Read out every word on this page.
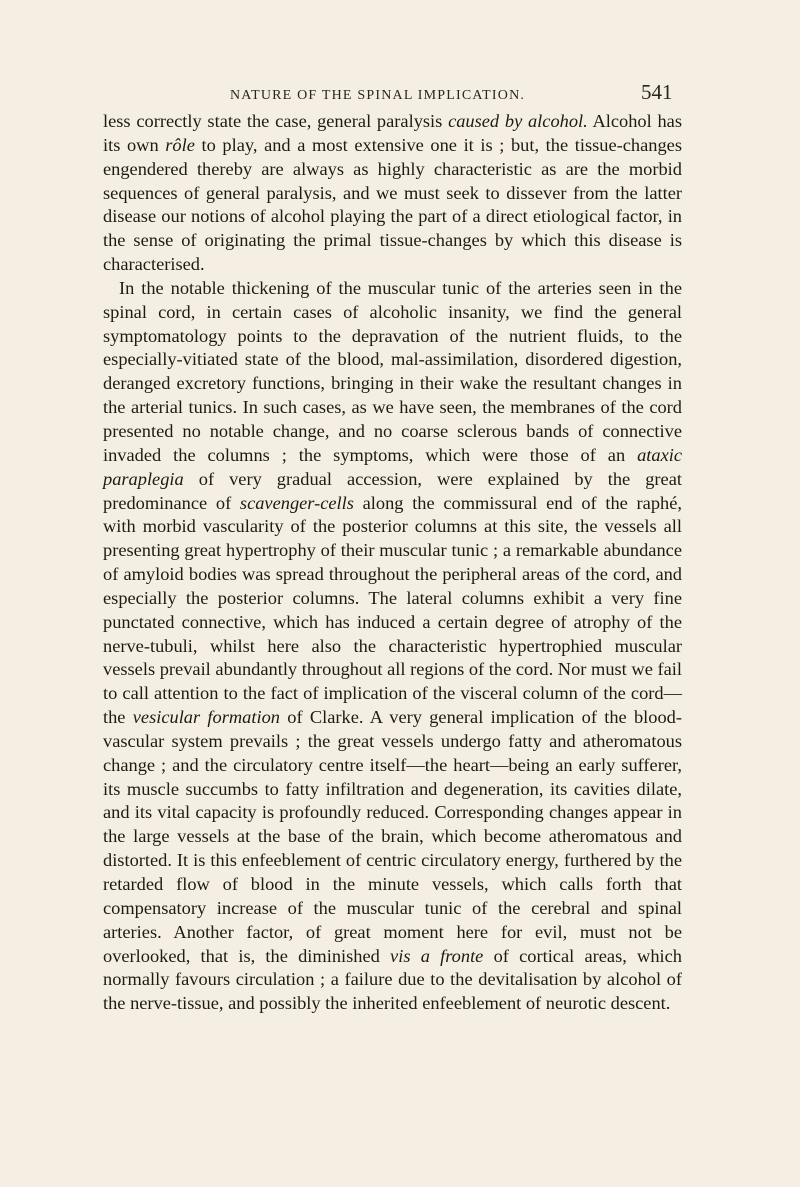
NATURE OF THE SPINAL IMPLICATION.	541

less correctly state the case, general paralysis caused by alcohol. Alcohol has its own rôle to play, and a most extensive one it is ; but, the tissue-changes engendered thereby are always as highly characteristic as are the morbid sequences of general paralysis, and we must seek to dissever from the latter disease our notions of alcohol playing the part of a direct etiological factor, in the sense of originating the primal tissue-changes by which this disease is characterised.

In the notable thickening of the muscular tunic of the arteries seen in the spinal cord, in certain cases of alcoholic insanity, we find the general symptomatology points to the depravation of the nutrient fluids, to the especially-vitiated state of the blood, mal-assimilation, disordered digestion, deranged excretory functions, bringing in their wake the resultant changes in the arterial tunics. In such cases, as we have seen, the membranes of the cord presented no notable change, and no coarse sclerous bands of connective invaded the columns ; the symptoms, which were those of an ataxic paraplegia of very gradual accession, were explained by the great predominance of scavenger-cells along the commissural end of the raphé, with morbid vascularity of the posterior columns at this site, the vessels all presenting great hypertrophy of their muscular tunic ; a remarkable abundance of amyloid bodies was spread throughout the peripheral areas of the cord, and especially the posterior columns. The lateral columns exhibit a very fine punctated connective, which has induced a certain degree of atrophy of the nerve-tubuli, whilst here also the characteristic hypertrophied muscular vessels prevail abundantly throughout all regions of the cord. Nor must we fail to call attention to the fact of implication of the visceral column of the cord—the vesicular formation of Clarke. A very general implication of the blood-vascular system prevails ; the great vessels undergo fatty and atheromatous change ; and the circulatory centre itself—the heart—being an early sufferer, its muscle succumbs to fatty infiltration and degeneration, its cavities dilate, and its vital capacity is profoundly reduced. Corresponding changes appear in the large vessels at the base of the brain, which become atheromatous and distorted. It is this enfeeblement of centric circulatory energy, furthered by the retarded flow of blood in the minute vessels, which calls forth that compensatory increase of the muscular tunic of the cerebral and spinal arteries. Another factor, of great moment here for evil, must not be overlooked, that is, the diminished vis a fronte of cortical areas, which normally favours circulation ; a failure due to the devitalisation by alcohol of the nerve-tissue, and possibly the inherited enfeeblement of neurotic descent.
